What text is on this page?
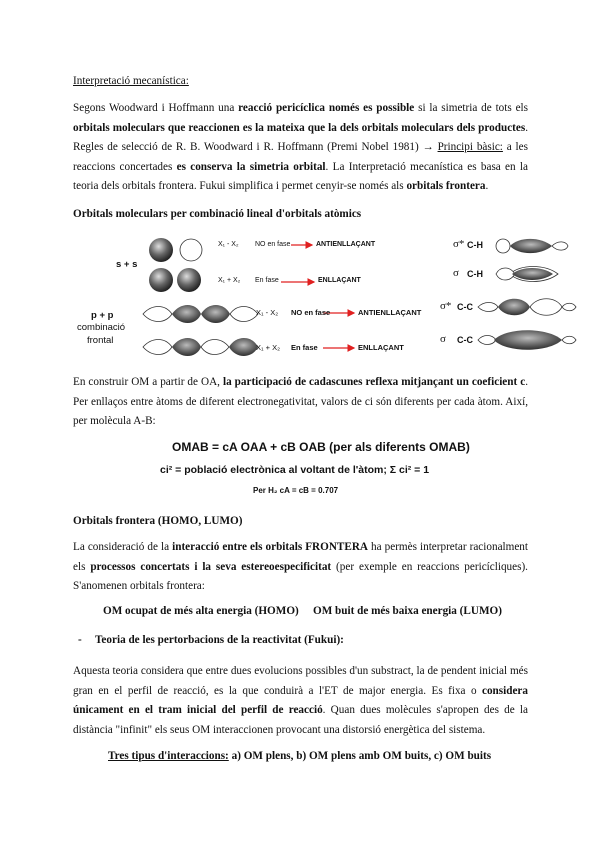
Interpretació mecanística:
Segons Woodward i Hoffmann una reacció pericíclica només es possible si la simetria de tots els orbitals moleculars que reaccionen es la mateixa que la dels orbitals moleculars dels productes. Regles de selecció de R. B. Woodward i R. Hoffmann (Premi Nobel 1981) → Principi bàsic: a les reaccions concertades es conserva la simetria orbital. La Interpretació mecanística es basa en la teoria dels orbitals frontera. Fukui simplifica i permet cenyir-se només als orbitals frontera.
Orbitals moleculars per combinació lineal d'orbitals atòmics
s + s
p + p
combinació
frontal
X₁ - X₂ NO en fase	ANTIENLLAÇANT
X₁ + X₂ En fase	ENLLAÇANT
X₁ - X₂ NO en fase	ANTIENLLAÇANT
X₁ + X₂ En fase	ENLLAÇANT
σ* C-H
σ C-H
σ* C-C
σ C-C
En construir OM a partir de OA, la participació de cadascunes reflexa mitjançant un coeficient c. Per enllaços entre àtoms de diferent electronegativitat, valors de ci són diferents per cada àtom. Així, per molècula A-B:
OMAB = cA OAA + cB OAB (per als diferents OMAB)
ci² = població electrònica al voltant de l'àtom; Σ ci² = 1
Per H₂ cA = cB = 0.707
Orbitals frontera (HOMO, LUMO)
La consideració de la interacció entre els orbitals FRONTERA ha permès interpretar racionalment els processos concertats i la seva estereoespecificitat (per exemple en reaccions pericícliques). S'anomenen orbitals frontera:
OM ocupat de més alta energia (HOMO) OM buit de més baixa energia (LUMO)
- Teoria de les pertorbacions de la reactivitat (Fukui):
Aquesta teoria considera que entre dues evolucions possibles d'un substract, la de pendent inicial més gran en el perfil de reacció, es la que conduirà a l'ET de major energia. Es fixa o considera únicament en el tram inicial del perfil de reacció. Quan dues molècules s'apropen des de la distància "infinit" els seus OM interaccionen provocant una distorsió energètica del sistema.
Tres tipus d'interaccions: a) OM plens, b) OM plens amb OM buits, c) OM buits
